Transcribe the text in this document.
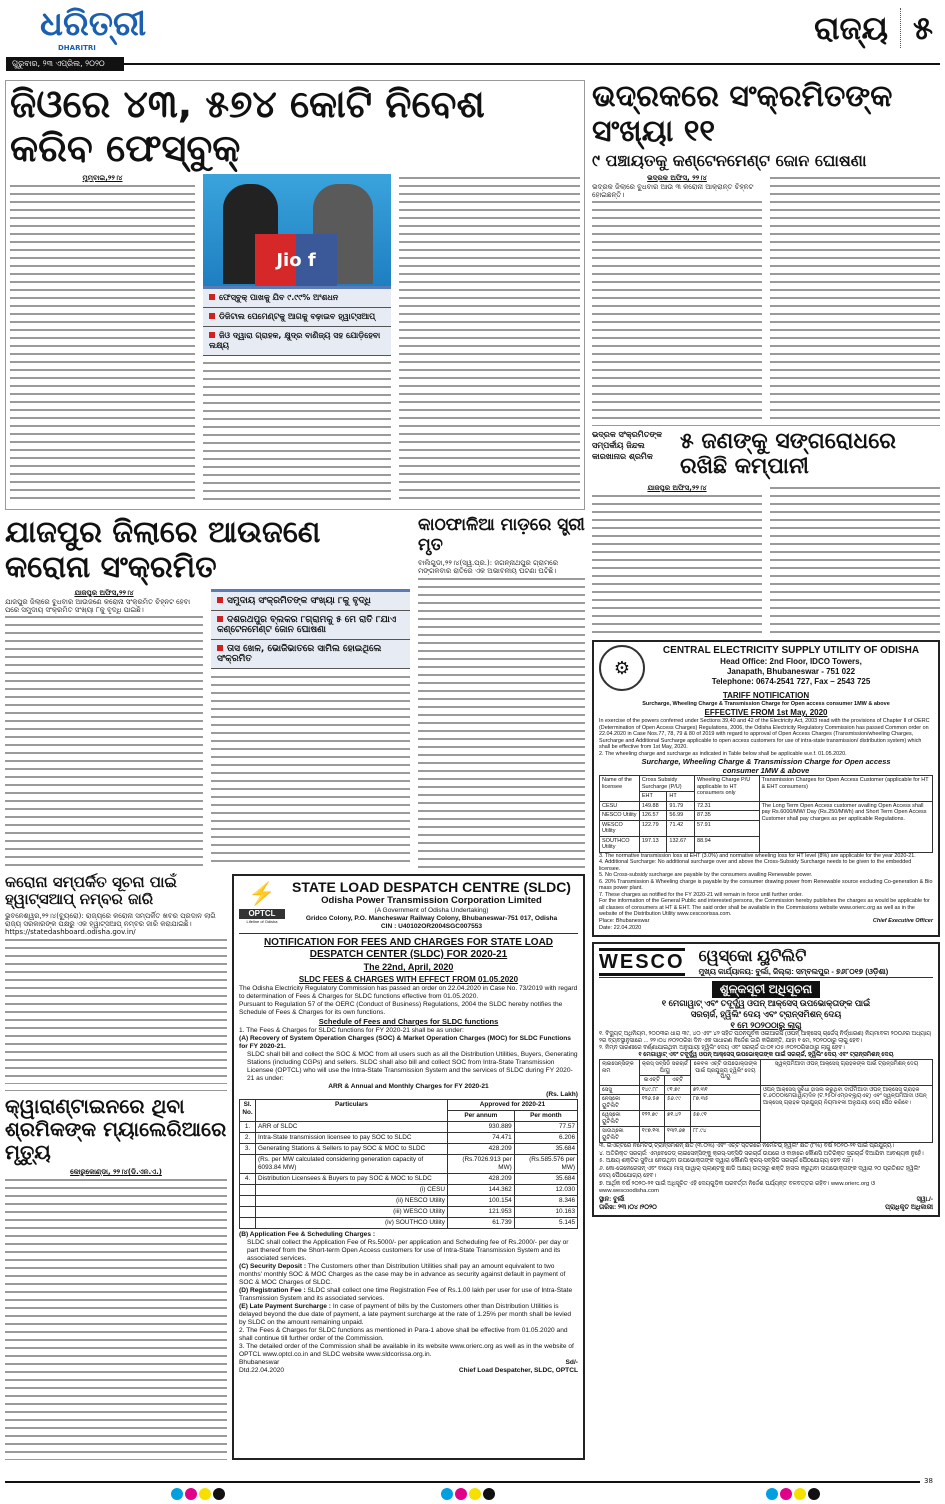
ଧରିତ୍ରୀ
DHARITRI
ଗୁରୁବାର, ୨୩ ଏପ୍ରିଲ, ୨୦୨୦
ରାଜ୍ୟ ୫
ଜିଓରେ ୪୩, ୫୭୪ କୋଟି ନିବେଶ କରିବ ଫେସ୍‌ବୁକ୍
ମୁମ୍ବାଇ,୨୨।୪
Jio f
ଫେସ୍‌ବୁକ୍ ପାଖକୁ ଯିବ ୯.୯୯% ଅଂଶଧନ
ଡିଜିଟାଲ ପେମେଣ୍ଟକୁ ଆଗକୁ ବଢ଼ାଇବ ହ୍ୱାଟ୍ସଆପ୍
ଜିଓ ଦ୍ୱାରା ଗ୍ରାହକ, କ୍ଷୁଦ୍ର ବାଣିଜ୍ୟ ସହ ଯୋଡ଼ିହେବା ଲକ୍ଷ୍ୟ
ଯାଜପୁର ଜିଲାରେ ଆଉଜଣେ କରୋନା ସଂକ୍ରମିତ
ଯାଜପୁର ଅଫିସ,୨୨।୪
ଯାଜପୁର ଜିଲାରେ ବୁଧବାର ଆଉଜଣେ କରୋନା ସଂକ୍ରମିତ ଚିହ୍ନଟ ହେବା ପରେ ସମୁଦାୟ ସଂକ୍ରମିତ ସଂଖ୍ୟା ୮କୁ ବୃଦ୍ଧି ପାଇଛି।
ସମୁଦାୟ ସଂକ୍ରମିତଙ୍କ ସଂଖ୍ୟା ୮କୁ ବୃଦ୍ଧି
ଦଶରଥପୁର ବ୍ଲକର ୮ଗ୍ରାମକୁ ୫ ମେ ରାତି ୮ଯାଏ କଣ୍ଟେନମେଣ୍ଟ ଜୋନ ଘୋଷଣା
ତାସ ଖେଳ, ଭୋଜିଭାତରେ ସାମିଲ ହୋଇଥିଲେ ସଂକ୍ରମିତ
କାଠଫାଳିଆ ମାଡ଼ରେ ସ୍ତ୍ରୀ ମୃତ
ବାଲିଗୁଡା,୨୨।୪(ସ୍ୱ.ପ୍ର.): ଜଗନ୍ନାଥପୁର ଗ୍ରାମରେ ମଙ୍ଗଳବାର ରାତିରେ ଏକ ଅଭାବନୀୟ ଘଟଣା ଘଟିଛି।
କରୋନା ସମ୍ପର୍କିତ ସୂଚନା ପାଇଁ ହ୍ୱାଟ୍ସଆପ୍ ନମ୍ବର ଜାରି
ଭୁବନେଶ୍ୱର,୨୨।୪(ବ୍ୟୁରୋ): ରାଜ୍ୟରେ କରୋନା ସମ୍ପର୍କିତ ଖବର ପ୍ରଦାନ ଲାଗି ରାଜ୍ୟ ସରକାରଙ୍କ ପକ୍ଷରୁ ଏକ ହ୍ୱାଟ୍ସଆପ୍ ନମ୍ବର ଜାରି କରାଯାଇଛି। https://statedashboard.odisha.gov.in/
କ୍ୱାରାଣ୍ଟାଇନରେ ଥିବା ଶ୍ରମିକଙ୍କ ମ୍ୟାଲେରିଆରେ ମୃତ୍ୟୁ
କୋରୁକୋଣ୍ଡା, ୨୨।୪(ଡି.ଏନ.ଏ.)
⚡
OPTCL
Lifeline of Odisha
STATE LOAD DESPATCH CENTRE (SLDC)
Odisha Power Transmission Corporation Limited
(A Government of Odisha Undertaking)
Gridco Colony, P.O. Mancheswar Railway Colony, Bhubaneswar-751 017, Odisha
CIN : U40102OR2004SGC007553
NOTIFICATION FOR FEES AND CHARGES FOR STATE LOAD DESPATCH CENTER (SLDC) FOR 2020-21
The 22nd, April, 2020
SLDC FEES & CHARGES WITH EFFECT FROM 01.05.2020
The Odisha Electricity Regulatory Commission has passed an order on 22.04.2020 in Case No. 73/2019 with regard to determination of Fees & Charges for SLDC functions effective from 01.05.2020.
Pursuant to Regulation 57 of the OERC (Conduct of Business) Regulations, 2004 the SLDC hereby notifies the Schedule of Fees & Charges for its own functions.
Schedule of Fees and Charges for SLDC functions
1. The Fees & Charges for SLDC functions for FY 2020-21 shall be as under:
(A) Recovery of System Operation Charges (SOC) & Market Operation Charges (MOC) for SLDC Functions for FY 2020-21.
SLDC shall bill and collect the SOC & MOC from all users such as all the Distribution Utilities, Buyers, Generating Stations (including CGPs) and sellers. SLDC shall also bill and collect SOC from Intra-State Transmission Licensee (OPTCL) who will use the Intra-State Transmission System and the services of SLDC during FY 2020-21 as under:
ARR & Annual and Monthly Charges for FY 2020-21
(Rs. Lakh)
Sl. No.	Particulars	Approved for 2020-21	
		Per annum	Per month
1.	ARR of SLDC	930.889	77.57
2.	Intra-State transmission licensee to pay SOC to SLDC	74.471	6.206
3.	Generating Stations & Sellers to pay SOC & MOC to SLDC	428.209	35.684
	(Rs. per MW calculated considering generation capacity of 6093.84 MW)	(Rs.7026.913 per MW)	(Rs.585.576 per MW)
4.	Distribution Licensees & Buyers to pay SOC & MOC to SLDC	428.209	35.684
	(i) CESU	144.362	12.030
	(ii) NESCO Utility	100.154	8.346
	(iii) WESCO Utility	121.953	10.163
	(iv) SOUTHCO Utility	61.739	5.145
(B) Application Fee & Scheduling Charges :
SLDC shall collect the Application Fee of Rs.5000/- per application and Scheduling fee of Rs.2000/- per day or part thereof from the Short-term Open Access customers for use of Intra-State Transmission System and its associated services.
(C) Security Deposit : The Customers other than Distribution Utilities shall pay an amount equivalent to two months' monthly SOC & MOC Charges as the case may be in advance as security against default in payment of SOC & MOC Charges of SLDC.
(D) Registration Fee : SLDC shall collect one time Registration Fee of Rs.1.00 lakh per user for use of Intra-State Transmission System and its associated services.
(E) Late Payment Surcharge : In case of payment of bills by the Customers other than Distribution Utilities is delayed beyond the due date of payment, a late payment surcharge at the rate of 1.25% per month shall be levied by SLDC on the amount remaining unpaid.
2. The Fees & Charges for SLDC functions as mentioned in Para-1 above shall be effective from 01.05.2020 and shall continue till further order of the Commission.
3. The detailed order of the Commission shall be available in its website www.orierc.org as well as in the website of OPTCL www.optcl.co.in and SLDC website www.sldcorissa.org.in.
Bhubaneswar	Sd/-
Dtd.22.04.2020	Chief Load Despatcher, SLDC, OPTCL
ଭଦ୍ରକରେ ସଂକ୍ରମିତଙ୍କ ସଂଖ୍ୟା ୧୧
୯ ପଞ୍ଚାୟତକୁ କଣ୍ଟେନମେଣ୍ଟ ଜୋନ ଘୋଷଣା
ଭଦ୍ରକ ଅଫିସ, ୨୨।୪
ଭଦ୍ରକ ଜିଲାରେ ବୁଧବାର ଆଉ ୩ କରୋନା ଆକ୍ରାନ୍ତ ଚିହ୍ନଟ ହୋଇଛନ୍ତି।
ଭଦ୍ରକ ସଂକ୍ରମିତଙ୍କ ସମ୍ପର୍କୀୟ ଜିନ୍ଦଲ କାରଖାନାର ଶ୍ରମିକ
୫ ଜଣଙ୍କୁ ସଙ୍ଗରୋଧରେ ରଖିଛି କମ୍ପାନୀ
ଯାଜପୁର ଅଫିସ,୨୨।୪
⚙
CENTRAL ELECTRICITY SUPPLY UTILITY OF ODISHA
Head Office: 2nd Floor, IDCO Towers,
Janapath, Bhubaneswar - 751 022
Telephone: 0674-2541 727, Fax – 2543 725
TARIFF NOTIFICATION
Surcharge, Wheeling Charge & Transmission Charge for Open access consumer 1MW & above
EFFECTIVE FROM 1st May, 2020
In exercise of the powers conferred under Sections 39,40 and 42 of the Electricity Act, 2003 read with the provisions of Chapter II of OERC (Determination of Open Access Charges) Regulations, 2006, the Odisha Electricity Regulatory Commission has passed Common order on 22.04.2020 in Case Nos.77, 78, 79 & 80 of 2019 with regard to approval of Open Access Charges (Transmission/wheeling Charges, Surcharge and Additional Surcharge applicable to open access customers for use of intra-state transmission/ distribution system) which shall be effective from 1st May, 2020.
2. The wheeling charge and surcharge as indicated in Table below shall be applicable w.e.f. 01.05.2020.
Surcharge, Wheeling Charge & Transmission Charge for Open access consumer 1MW & above
Name of the licensee	Cross Subsidy Surcharge (P/U)		Wheeling Charge P/U applicable to HT consumers only	Transmission Charges for Open Access Customer (applicable for HT & EHT consumers)
	EHT	HT		
CESU	149.88	91.79	72.31	The Long Term Open Access customer availing Open Access shall pay Rs.6000/MW/ Day (Rs.250/MWh) and Short Term Open Access Customer shall pay charges as per applicable Regulations.
NESCO Utility	126.57	56.99	87.35	
WESCO Utility	122.79	71.42	57.91	
SOUTHCO Utility	197.13	132.67	88.94	
3. The normative transmission loss at EHT (3.0%) and normative wheeling loss for HT level (8%) are applicable for the year 2020-21.
4. Additional Surcharge: No additional surcharge over and above the Cross-Subsidy Surcharge needs to be given to the embedded licensee.
5. No Cross-subsidy surcharge are payable by the consumers availing Renewable power.
6. 20% Transmission & Wheeling charge is payable by the consumer drawing power from Renewable source excluding Co-generation & Bio mass power plant.
7. These charges as notified for the FY 2020-21 will remain in force until further order.
For the information of the General Public and interested persons, the Commission hereby publishes the charges as would be applicable for all classes of consumers at HT & EHT. The said order shall be available in the Commissions website www.orierc.org as well as in the website of the Distribution Utility www.cescoorissa.com.
Place: Bhubaneswar	Chief Executive Officer
Date: 22.04.2020
WESCO ୱେସ୍କୋ ୟୁଟିଲିଟି
ମୁଖ୍ୟ କାର୍ଯ୍ୟାଳୟ: ବୁର୍ଲା, ଜିଲ୍ଲା: ସମ୍ବଲପୁର - ୭୬୮୦୧୭ (ଓଡ଼ିଶା)
ଶୁଳ୍କସୂଚୀ ଅଧିସୂଚନା
୧ ମେଗାୱାଟ୍ ଏବଂ ତଦୂର୍ଦ୍ଧ୍ୱ ଓପନ୍ ଆକ୍ସେସ୍ ଉପଭୋକ୍ତାଙ୍କ ପାଇଁ
ସରଚାର୍ଜ, ହ୍ୱିଲିଂ ଦେୟ ଏବଂ ଟ୍ରାନ୍ସମିଶନ୍ ଦେୟ
୧ ମେ ୨୦୨୦ଠାରୁ ଲାଗୁ
୧. ବିଦ୍ୟୁତ୍ ଅଧିନିୟମ, ୨୦୦୩ର ଧାରା ୩୯, ୪୦ ଏବଂ ୪୨ ସହିତ ପଠନପୂର୍ବକ ଓଇଆରସି (ଓପନ୍ ଆକ୍ସେସ୍ ଚାର୍ଜେସ୍ ନିର୍ଦ୍ଧାରଣ) ନିୟମାବଳୀ ୨୦୦୬ର ଅଧ୍ୟାୟ ୨ର ବ୍ୟବସ୍ଥାନୁସାରେ ... ୨୨।୦୪।୨୦୨୦ରିଖ ଦିନ ଏକ ସାଧାରଣ ନିର୍ଦ୍ଦେଶ ଜାରି କରିଛନ୍ତି, ଯାହା ୧ ମେ, ୨୦୨୦ଠାରୁ ଲାଗୁ ହେବ।
୨. ନିମ୍ନ ସାରଣୀରେ ବର୍ଣ୍ଣାଯାଇଥିବା ଅନୁଯାୟୀ ହ୍ୱିଲିଂ ଦେୟ ଏବଂ ସରଚାର୍ଜ ତା:୦୧।୦୫।୨୦୨୦ରିଖଠାରୁ ଲାଗୁ ହେବ।
୧ ମେଗାୱାଟ୍ ଏବଂ ତଦୂର୍ଦ୍ଧ୍ୱ ଓପନ୍ ଆକ୍ସେସ୍ ଉପଭୋକ୍ତାଙ୍କ ପାଇଁ ସରଚାର୍ଜ, ହ୍ୱିଲିଂ ଦେୟ ଏବଂ ଟ୍ରାନ୍ସମିଶନ୍ ଦେୟ
ଲାଇସେନ୍ସିଙ୍କ ନାମ	କ୍ରସ୍ ସବ୍‌ସିଡି ସରଚାର୍ଜ ପି/ୟୁ		କେବଳ ଏଚ୍‌ଟି ଉପଭୋକ୍ତାଙ୍କ ପାଇଁ ପ୍ରଯୁଜ୍ୟ ହ୍ୱିଲିଂ ଦେୟ ପି/ୟୁ	ସ୍ୱଳ୍ପମିଆଦୀ ଓପନ୍ ଆକ୍ସେସ୍ ଗ୍ରାହକଙ୍କ ପାଇଁ ଟ୍ରାନ୍ସମିଶନ୍ ଦେୟ
	ଇଏଚ୍‌ଟି	ଏଚ୍‌ଟି		
ସେସୁ	୧୪୯.୮୮	୯୧.୭୯	୭୨.୩୧	ଓପନ୍ ଆକ୍ସେସ୍ ସୁବିଧା ହାସଲ କରୁଥିବା ଦୀର୍ଘମିଆଦୀ ଓପନ୍ ଆକ୍ସେସ୍ ଗ୍ରାହକ ଟ.୬୦୦୦/ମେଗାୱାଟ୍/ଦିନ (ଟ.୨୫୦/ଏମ୍‌ଡବ୍ଲ୍ୟୁଏଚ୍) ଏବଂ ସ୍ୱଳ୍ପମିଆଦୀ ଓପନ୍ ଆକ୍ସେସ୍ ଗ୍ରାହକ ପ୍ରଯୁଜ୍ୟ ନିୟମାବଳୀ ଅନୁଯାୟୀ ଦେୟ ପୈଠ କରିବେ।
ନେସ୍କୋ ୟୁଟିଲିଟି	୧୨୬.୫୭	୫୬.୯୯	୮୭.୩୫	
ୱେସ୍କୋ ୟୁଟିଲିଟି	୧୨୨.୭୯	୭୧.୪୨	୫୭.୯୧	
ସାଉଥ୍‌କୋ ୟୁଟିଲିଟି	୧୯୭.୧୩	୧୩୨.୬୭	୮୮.୯୪	
୩. ଇଏଚ୍‌ଟିରେ ନର୍ମେଟିଭ୍ ଟ୍ରାନ୍ସମିଶନ୍ କ୍ଷତି (୩.୦%) ଏବଂ ଏଚ୍‌ଟି ସ୍ତରରେ ନର୍ମେଟିଭ୍ ହ୍ୱିଲିଂ କ୍ଷତି (୮%) ବର୍ଷ ୨୦୨୦-୨୧ ପାଇଁ ପ୍ରଯୁଜ୍ୟ।
୪. ଅତିରିକ୍ତ ସରଚାର୍ଜ: ଏମ୍ବେଡେଡ୍ ଲାଇସେନ୍ସିଙ୍କୁ କ୍ରସ୍-ସବ୍‌ସିଡି ସରଚାର୍ଜ ଉପରେ ଓ ବାହାରେ କୌଣସି ଅତିରିକ୍ତ ସରଚାର୍ଜ ଦିଆଯିବା ଆବଶ୍ୟକ ନୁହେଁ।
୫. ଅକ୍ଷୟ ଶକ୍ତିର ସୁବିଧା ନେଉଥିବା ଉପଭୋକ୍ତାଙ୍କ ଦ୍ୱାରା କୌଣସି କ୍ରସ୍-ସବ୍‌ସିଡି ସରଚାର୍ଜ ପୈଠଯୋଗ୍ୟ ହେବ ନାହିଁ।
୬. କୋ-ଜେନେରେସନ୍ ଏବଂ ବାୟୋ ମାସ୍ ପାୱାର୍ ପ୍ଲାଣ୍ଟକୁ ଛାଡି ଅକ୍ଷୟ ଉତ୍ସରୁ ଶକ୍ତି ହାସଲ କରୁଥିବା ଉପଭୋକ୍ତାଙ୍କ ଦ୍ୱାରା ୨୦ ପ୍ରତିଶତ ହ୍ୱିଲିଂ ଦେୟ ପୈଠଯୋଗ୍ୟ ହେବ।
୭. ଆର୍ଥିକ ବର୍ଷ ୨୦୨୦-୨୧ ପାଇଁ ଅଧିସୂଚିତ ଏହି ଦେୟଗୁଡ଼ିକ ପରବର୍ତ୍ତୀ ନିର୍ଦ୍ଦେଶ ପର୍ଯ୍ୟନ୍ତ ବଳବତ୍ତର ରହିବ। www.orierc.org ଓ www.wescoodisha.com
ସ୍ଥାନ: ବୁର୍ଲା	ସ୍ୱା./-
ତାରିଖ: ୨୩।୦୪।୨୦୨୦	ପ୍ରାଧିକୃତ ଅଧିକାରୀ
38
